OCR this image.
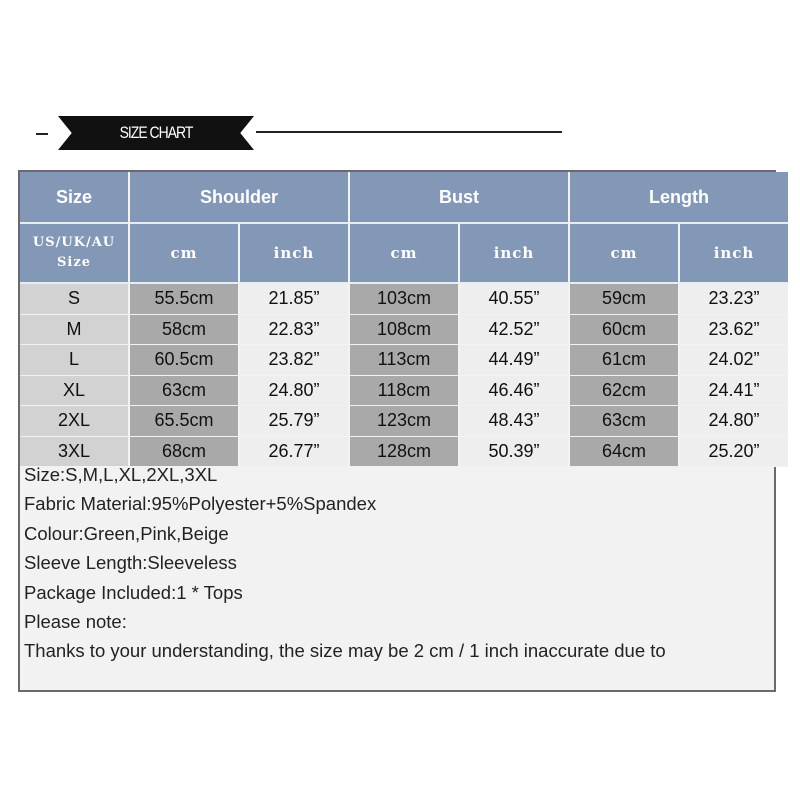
SIZE CHART
Size	Shoulder		Bust		Length	

US/UK/AU
Size	cm	inch	cm	inch	cm	inch
S	55.5cm	21.85”	103cm	40.55”	59cm	23.23”
M	58cm	22.83”	108cm	42.52”	60cm	23.62”
L	60.5cm	23.82”	113cm	44.49”	61cm	24.02”
XL	63cm	24.80”	118cm	46.46”	62cm	24.41”
2XL	65.5cm	25.79”	123cm	48.43”	63cm	24.80”
3XL	68cm	26.77”	128cm	50.39”	64cm	25.20”
Size:S,M,L,XL,2XL,3XL
Fabric Material:95%Polyester+5%Spandex
Colour:Green,Pink,Beige
Sleeve Length:Sleeveless
Package Included:1 * Tops
Please note:
Thanks to your understanding, the size may be 2 cm / 1 inch inaccurate due to
